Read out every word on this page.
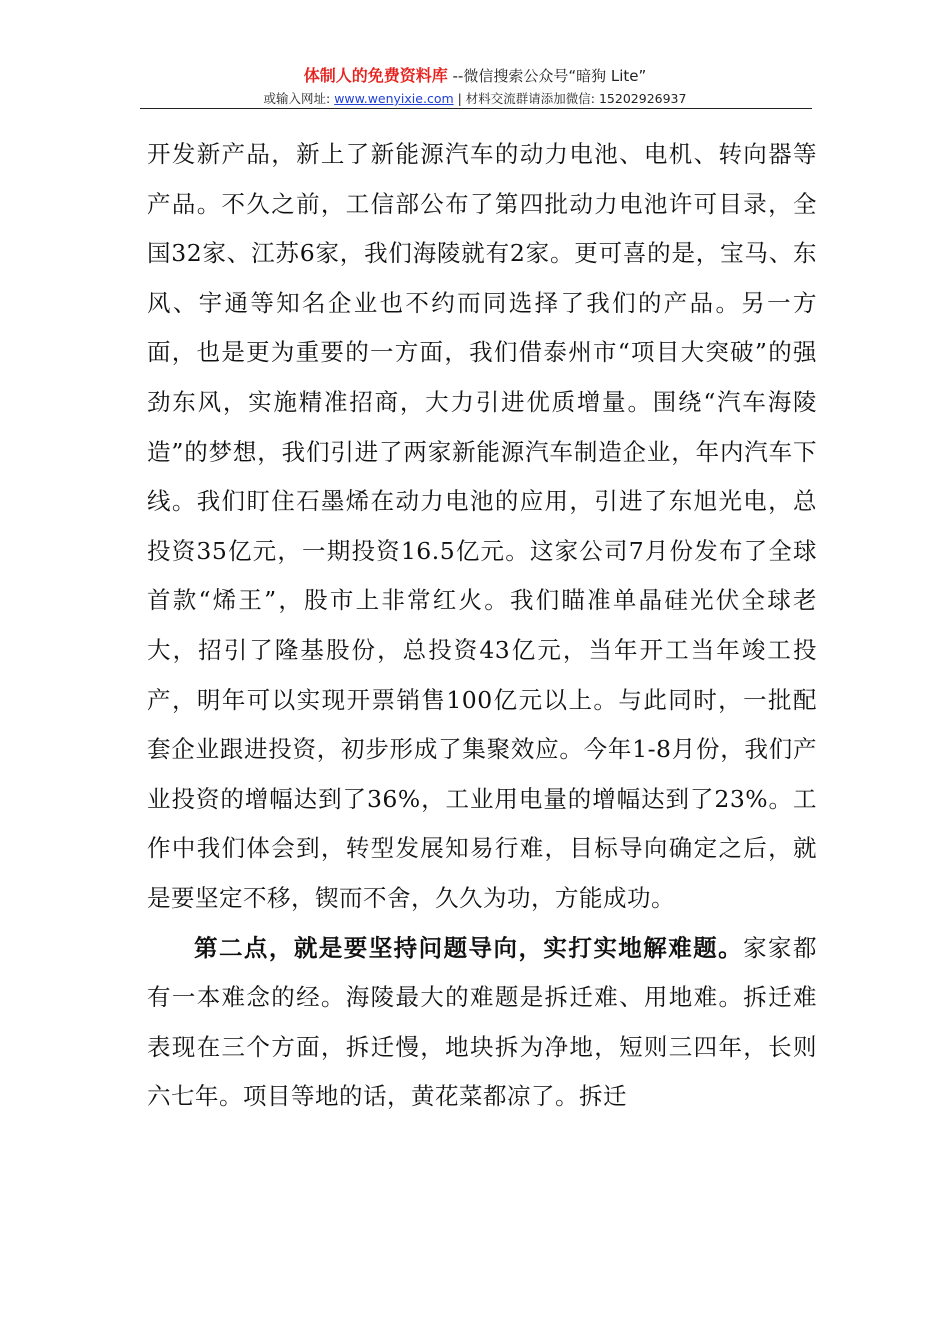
体制人的免费资料库 --微信搜索公众号“暗狗 Lite”
或输入网址: www.wenyixie.com | 材料交流群请添加微信: 15202926937

开发新产品，新上了新能源汽车的动力电池、电机、转向器等产品。不久之前，工信部公布了第四批动力电池许可目录，全国32家、江苏6家，我们海陵就有2家。更可喜的是，宝马、东风、宇通等知名企业也不约而同选择了我们的产品。另一方面，也是更为重要的一方面，我们借泰州市“项目大突破”的强劲东风，实施精准招商，大力引进优质增量。围绕“汽车海陵造”的梦想，我们引进了两家新能源汽车制造企业，年内汽车下线。我们盯住石墨烯在动力电池的应用，引进了东旭光电，总投资35亿元，一期投资16.5亿元。这家公司7月份发布了全球首款“烯王”，股市上非常红火。我们瞄准单晶硅光伏全球老大，招引了隆基股份，总投资43亿元，当年开工当年竣工投产，明年可以实现开票销售100亿元以上。与此同时，一批配套企业跟进投资，初步形成了集聚效应。今年1-8月份，我们产业投资的增幅达到了36%，工业用电量的增幅达到了23%。工作中我们体会到，转型发展知易行难，目标导向确定之后，就是要坚定不移，锲而不舍，久久为功，方能成功。

第二点，就是要坚持问题导向，实打实地解难题。家家都有一本难念的经。海陵最大的难题是拆迁难、用地难。拆迁难表现在三个方面，拆迁慢，地块拆为净地，短则三四年，长则六七年。项目等地的话，黄花菜都凉了。拆迁
